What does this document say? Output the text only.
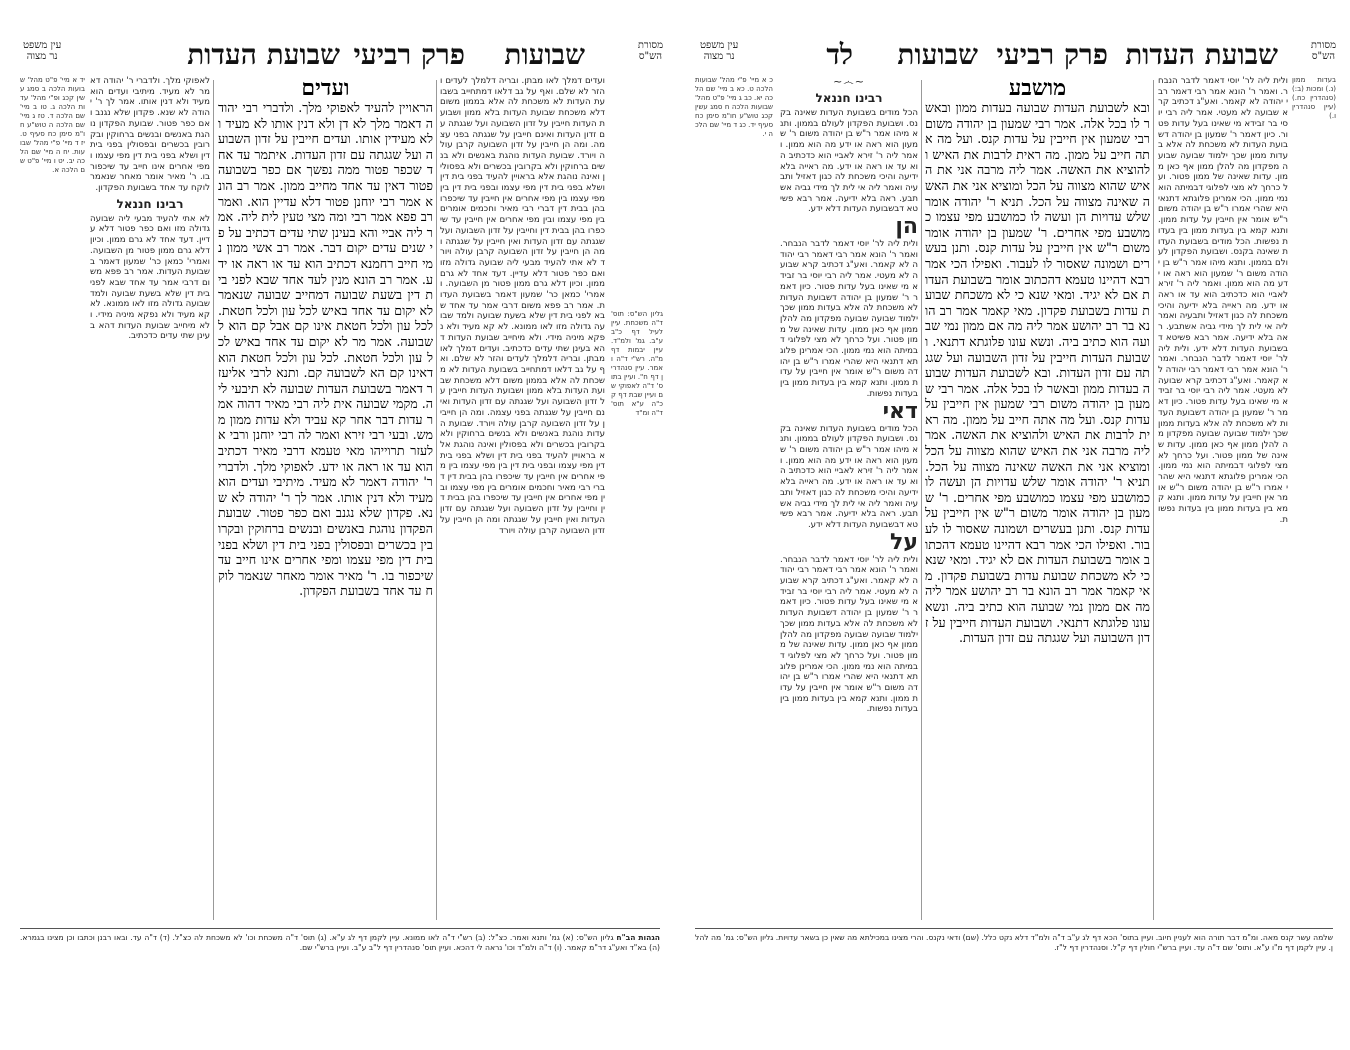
מסורת
הש"ס
שבועת העדות פרק רביעי שבועות
עין משפט
נר מצוה
ועדים דמלך לאו מבתן. ובריה דלמלך לעדים והזר לא שלם. ואף על גב דלאו דמתחייב בשבועת העדות לא משכחת לה אלא בממון משום דלא משכחת שבועת העדות בלא ממון ושבועת העדות חייבין על זדון השבועה ועל שגגתה עם זדון העדות ואינם חייבין על שגגתה בפני עצמה. ומה הן חייבין על זדון השבועה קרבן עולה ויורד. שבועת העדות נוהגת באנשים ולא בנשים ברחוקין ולא בקרובין בכשרים ולא בפסולין ואינה נוהגת אלא בראויין להעיד בפני בית דין ושלא בפני בית דין מפי עצמו ובפני בית דין בין מפי עצמו בין מפי אחרים אין חייבין עד שיכפרו בהן בבית דין דברי רבי מאיר וחכמים אומרים בין מפי עצמו ובין מפי אחרים אין חייבין עד שיכפרו בהן בבית דין וחייבין על זדון השבועה ועל שגגתה עם זדון העדות ואין חייבין על שגגתה ומה הן חייבין על זדון השבועה קרבן עולה ויורד לא אתי להעיד מבעי ליה שבועה גדולה מזו ואם כפר פטור דלא עדיין. דעד אחד לא גרם ממון. וכיון דלא גרם ממון פטור מן השבועה. ואמרי' כמאן כר' שמעון דאמר בשבועת העדות. אמר רב פפא משום דרבי אמר עד אחד שבא לפני בית דין שלא בשעת שבועה ולמד שבועה גדולה מזו לאו ממונא. לא קא מעיד ולא נפקא מיניה מידי. ולא מיחייב שבועת העדות דהא בעינן שתי עדים כדכתיב. ועדים דמלך לאו מבתן. ובריה דלמלך לעדים והזר לא שלם. ואף על גב דלאו דמתחייב בשבועת העדות לא משכחת לה אלא בממון משום דלא משכחת שבועת העדות בלא ממון ושבועת העדות חייבין על זדון השבועה ועל שגגתה עם זדון העדות ואינם חייבין על שגגתה בפני עצמה. ומה הן חייבין על זדון השבועה קרבן עולה ויורד. שבועת העדות נוהגת באנשים ולא בנשים ברחוקין ולא בקרובין בכשרים ולא בפסולין ואינה נוהגת אלא בראויין להעיד בפני בית דין ושלא בפני בית דין מפי עצמו ובפני בית דין בין מפי עצמו בין מפי אחרים אין חייבין עד שיכפרו בהן בבית דין דברי רבי מאיר וחכמים אומרים בין מפי עצמו ובין מפי אחרים אין חייבין עד שיכפרו בהן בבית דין וחייבין על זדון השבועה ועל שגגתה עם זדון העדות ואין חייבין על שגגתה ומה הן חייבין על זדון השבועה קרבן עולה ויורד
גליון הש"ס: תוס' ד"ה משכחת. עיין לעיל דף כ"ב ע"ב. גמ' ולמ"ד. עיין יבמות דף מ"ה. רש"י ד"ה ואמר. עיין סנהדרין דף ח". ועיין בתוס' ד"ה לאפוקי שם ועיין שבת דף קכ"ה ע"א תוס' ד"ה ומ"ד
ועדים
הראויין להעיד לאפוקי מלך. ולדברי רבי יהודה דאמר מלך לא דן ולא דנין אותו לא מעיד ולא מעידין אותו. ועדים חייבין על זדון השבועה ועל שגגתה עם זדון העדות. איתמר עד אחד שכפר פטור ממה נפשך אם כפר בשבועה פטור דאין עד אחד מחייב ממון. אמר רב הונא אמר רבי יוחנן פטור דלא עדיין הוא. ואמר רב פפא אמר רבי ומה מצי טעין לית ליה. אמר ליה אביי והא בעינן שתי עדים דכתיב על פי שנים עדים יקום דבר. אמר רב אשי ממון נמי חייב רחמנא דכתיב הוא עד או ראה או ידע. אמר רב הונא מנין לעד אחד שבא לפני בית דין בשעת שבועה דמחייב שבועה שנאמר לא יקום עד אחד באיש לכל עון ולכל חטאת. לכל עון ולכל חטאת אינו קם אבל קם הוא לשבועה. אמר מר לא יקום עד אחד באיש לכל עון ולכל חטאת. לכל עון ולכל חטאת הוא דאינו קם הא לשבועה קם. ותנא לרבי אליעזר דאמר בשבועת העדות שבועה לא תיבעי ליה. מקמי שבועה אית ליה רבי מאיר דהוה אמר עדות דבר אחר קא עביד ולא עדות ממון ממש. ובעי רבי זירא ואמר לה רבי יוחנן ורבי אלעזר תרוייהו מאי טעמא דרבי מאיר דכתיב הוא עד או ראה או ידע. לאפוקי מלך. ולדברי ר' יהודה דאמר לא מעיד. מיתיבי ועדים הוא מעיד ולא דנין אותו. אמר לך ר' יהודה לא שנא. פקדון שלא נגנב ואם כפר פטור. שבועת הפקדון נוהגת באנשים ובנשים ברחוקין ובקרובין בכשרים ובפסולין בפני בית דין ושלא בפני בית דין מפי עצמו ומפי אחרים אינו חייב עד שיכפור בו. ר' מאיר אומר מאחר שנאמר לוקח עד אחד בשבועת הפקדון.
לאפוקי מלך. ולדברי ר' יהודה דאמר לא מעיד. מיתיבי ועדים הוא מעיד ולא דנין אותו. אמר לך ר' יהודה לא שנא. פקדון שלא נגנב ואם כפר פטור. שבועת הפקדון נוהגת באנשים ובנשים ברחוקין ובקרובין בכשרים ובפסולין בפני בית דין ושלא בפני בית דין מפי עצמו ומפי אחרים אינו חייב עד שיכפור בו. ר' מאיר אומר מאחר שנאמר לוקח עד אחד בשבועת הפקדון.
רבינו חננאל
לא אתי להעיד מבעי ליה שבועה גדולה מזו ואם כפר פטור דלא עדיין. דעד אחד לא גרם ממון. וכיון דלא גרם ממון פטור מן השבועה. ואמרי' כמאן כר' שמעון דאמר בשבועת העדות. אמר רב פפא משום דרבי אמר עד אחד שבא לפני בית דין שלא בשעת שבועה ולמד שבועה גדולה מזו לאו ממונא. לא קא מעיד ולא נפקא מיניה מידי. ולא מיחייב שבועת העדות דהא בעינן שתי עדים כדכתיב.
יד א מיי' פ"ט מהל' שבועות הלכה ב סמג עשין קכג ופ"י מהל' עדות הלכה ג. טו ב מיי' שם הלכה ד. טז ג מיי' שם הלכה ה טוש"ע חו"מ סימן כח סעיף ט. יז ד מיי' פ"י מהל' שבועות. יח ה מיי' שם הלכה יב. יט ו מיי' פ"ט שם הלכה א.
הגהות הב"ח גליון הש"ס: (א) גמ' ותנא ואמר. כצ"ל: (ב) רש"י ד"ה לאו ממונא. עיין לקמן דף לג ע"א. (ג) תוס' ד"ה משכחת וכו' לא משכחת לה כצ"ל. (ד) ד"ה עד. ובאו רבנן וכתבו וכן מצינו בגמרא. (ה) בא"ד ואע"ג דר"מ קאמר. (ו) ד"ה ולמ"ד וכו' נראה לי דהכא. ועיין תוס' סנהדרין דף ל"ב ע"ב. ועיין ברש"י שם.
מסורת
הש"ס
שבועת העדות
פרק רביעי
שבועות
לד
עין משפט
נר מצוה
בעדות ממון (נ.) ומכות (ב:) (סנהדרין כח.) (עיין סנהדרין ו.)
ולית ליה לר' יוסי דאמר לדבר הנבחר. ואמר ר' הונא אמר רבי דאמר רבי יהודה לא קאמר. ואע"ג דכתיב קרא שבועה לא מעטי. אמר ליה רבי יוסי בר זבידא מי שאינו בעל עדות פטור. כיון דאמר ר' שמעון בן יהודה דשבועת העדות לא משכחת לה אלא בעדות ממון שכך ילמוד שבועה שבועה מפקדון מה להלן ממון אף כאן ממון. עדות שאינה של ממון פטור. ועל כרחך לא מצי לפלוגי דבמיתה הוא נמי ממון. הכי אמרינן פלוגתא דתנאי היא שהרי אמרו ר"ש בן יהודה משום ר"ש אומר אין חייבין על עדות ממון. ותנא קמא בין בעדות ממון בין בעדות נפשות. הכל מודים בשבועת העדות שאינה בקנס. ושבועת הפקדון לעולם בממון. ותנא מיהו אמר ר"ש בן יהודה משום ר' שמעון הוא ראה או ידע מה הוא ממון. ואמר ליה ר' זירא לאביי הוא כדכתיב הוא עד או ראה או ידע. מה ראייה בלא ידיעה והיכי משכחת לה כגון דאזיל ותבעיה ואמר ליה אי לית לך מידי גביה אשתבע. ראה בלא ידיעה. אמר רבא פשיטא דבשבועת העדות דלא ידע. ולית ליה לר' יוסי דאמר לדבר הנבחר. ואמר ר' הונא אמר רבי דאמר רבי יהודה לא קאמר. ואע"ג דכתיב קרא שבועה לא מעטי. אמר ליה רבי יוסי בר זבידא מי שאינו בעל עדות פטור. כיון דאמר ר' שמעון בן יהודה דשבועת העדות לא משכחת לה אלא בעדות ממון שכך ילמוד שבועה שבועה מפקדון מה להלן ממון אף כאן ממון. עדות שאינה של ממון פטור. ועל כרחך לא מצי לפלוגי דבמיתה הוא נמי ממון. הכי אמרינן פלוגתא דתנאי היא שהרי אמרו ר"ש בן יהודה משום ר"ש אומר אין חייבין על עדות ממון. ותנא קמא בין בעדות ממון בין בעדות נפשות.
מושבע
ובא לשבועת העדות שבועה בעדות ממון ובאשר לו בכל אלה. אמר רבי שמעון בן יהודה משום רבי שמעון אין חייבין על עדות קנס. ועל מה אתה חייב על ממון. מה ראית לרבות את האיש ולהוציא את האשה. אמר ליה מרבה אני את האיש שהוא מצווה על הכל ומוציא אני את האשה שאינה מצווה על הכל. תניא ר' יהודה אומר שלש עדויות הן ועשה לו כמושבע מפי עצמו כמושבע מפי אחרים. ר' שמעון בן יהודה אומר משום ר"ש אין חייבין על עדות קנס. ותנן בעשרים ושמונה שאסור לו לעבור. ואפילו הכי אמר רבא דהיינו טעמא דהכתוב אומר בשבועת העדות אם לא יגיד. ומאי שנא כי לא משכחת שבועת עדות בשבועת פקדון. מאי קאמר אמר רב הונא בר רב יהושע אמר ליה מה אם ממון נמי שבועה הוא כתיב ביה. ונשא עונו פלוגתא דתנאי. ושבועת העדות חייבין על זדון השבועה ועל שגגתה עם זדון העדות. ובא לשבועת העדות שבועה בעדות ממון ובאשר לו בכל אלה. אמר רבי שמעון בן יהודה משום רבי שמעון אין חייבין על עדות קנס. ועל מה אתה חייב על ממון. מה ראית לרבות את האיש ולהוציא את האשה. אמר ליה מרבה אני את האיש שהוא מצווה על הכל ומוציא אני את האשה שאינה מצווה על הכל. תניא ר' יהודה אומר שלש עדויות הן ועשה לו כמושבע מפי עצמו כמושבע מפי אחרים. ר' שמעון בן יהודה אומר משום ר"ש אין חייבין על עדות קנס. ותנן בעשרים ושמונה שאסור לו לעבור. ואפילו הכי אמר רבא דהיינו טעמא דהכתוב אומר בשבועת העדות אם לא יגיד. ומאי שנא כי לא משכחת שבועת עדות בשבועת פקדון. מאי קאמר אמר רב הונא בר רב יהושע אמר ליה מה אם ממון נמי שבועה הוא כתיב ביה. ונשא עונו פלוגתא דתנאי. ושבועת העדות חייבין על זדון השבועה ועל שגגתה עם זדון העדות.
~෴~
רבינו חננאל
הכל מודים בשבועת העדות שאינה בקנס. ושבועת הפקדון לעולם בממון. ותנא מיהו אמר ר"ש בן יהודה משום ר' שמעון הוא ראה או ידע מה הוא ממון. ואמר ליה ר' זירא לאביי הוא כדכתיב הוא עד או ראה או ידע. מה ראייה בלא ידיעה והיכי משכחת לה כגון דאזיל ותבעיה ואמר ליה אי לית לך מידי גביה אשתבע. ראה בלא ידיעה. אמר רבא פשיטא דבשבועת העדות דלא ידע.
הן
ולית ליה לר' יוסי דאמר לדבר הנבחר. ואמר ר' הונא אמר רבי דאמר רבי יהודה לא קאמר. ואע"ג דכתיב קרא שבועה לא מעטי. אמר ליה רבי יוסי בר זבידא מי שאינו בעל עדות פטור. כיון דאמר ר' שמעון בן יהודה דשבועת העדות לא משכחת לה אלא בעדות ממון שכך ילמוד שבועה שבועה מפקדון מה להלן ממון אף כאן ממון. עדות שאינה של ממון פטור. ועל כרחך לא מצי לפלוגי דבמיתה הוא נמי ממון. הכי אמרינן פלוגתא דתנאי היא שהרי אמרו ר"ש בן יהודה משום ר"ש אומר אין חייבין על עדות ממון. ותנא קמא בין בעדות ממון בין בעדות נפשות.
דאי
הכל מודים בשבועת העדות שאינה בקנס. ושבועת הפקדון לעולם בממון. ותנא מיהו אמר ר"ש בן יהודה משום ר' שמעון הוא ראה או ידע מה הוא ממון. ואמר ליה ר' זירא לאביי הוא כדכתיב הוא עד או ראה או ידע. מה ראייה בלא ידיעה והיכי משכחת לה כגון דאזיל ותבעיה ואמר ליה אי לית לך מידי גביה אשתבע. ראה בלא ידיעה. אמר רבא פשיטא דבשבועת העדות דלא ידע.
על
ולית ליה לר' יוסי דאמר לדבר הנבחר. ואמר ר' הונא אמר רבי דאמר רבי יהודה לא קאמר. ואע"ג דכתיב קרא שבועה לא מעטי. אמר ליה רבי יוסי בר זבידא מי שאינו בעל עדות פטור. כיון דאמר ר' שמעון בן יהודה דשבועת העדות לא משכחת לה אלא בעדות ממון שכך ילמוד שבועה שבועה מפקדון מה להלן ממון אף כאן ממון. עדות שאינה של ממון פטור. ועל כרחך לא מצי לפלוגי דבמיתה הוא נמי ממון. הכי אמרינן פלוגתא דתנאי היא שהרי אמרו ר"ש בן יהודה משום ר"ש אומר אין חייבין על עדות ממון. ותנא קמא בין בעדות ממון בין בעדות נפשות.
כ א מיי' פ"י מהל' שבועות הלכה ט. כא ב מיי' שם הלכה יא. כב ג מיי' פ"ט מהל' שבועות הלכה ח סמג עשין קכג טוש"ע חו"מ סימן כח סעיף יד. כג ד מיי' שם הלכה י.
שלמה עשר קנס מאה. ומ"מ דבר תורה הוא לעניין חיוב. ועיין בתוס' הכא דף לג ע"ב ד"ה ולמ"ד דלא נקט כלל. (שם) ודאי נקנס. והרי מצינו במכילתא מה שאין כן בשאר עדויות. גליון הש"ס: גמ' מה להלן. עיין לקמן דף מ"ו ע"א. ותוס' שם ד"ה עד. ועיין ברש"י חולין דף ק"ל. וסנהדרין דף ל"ז.
